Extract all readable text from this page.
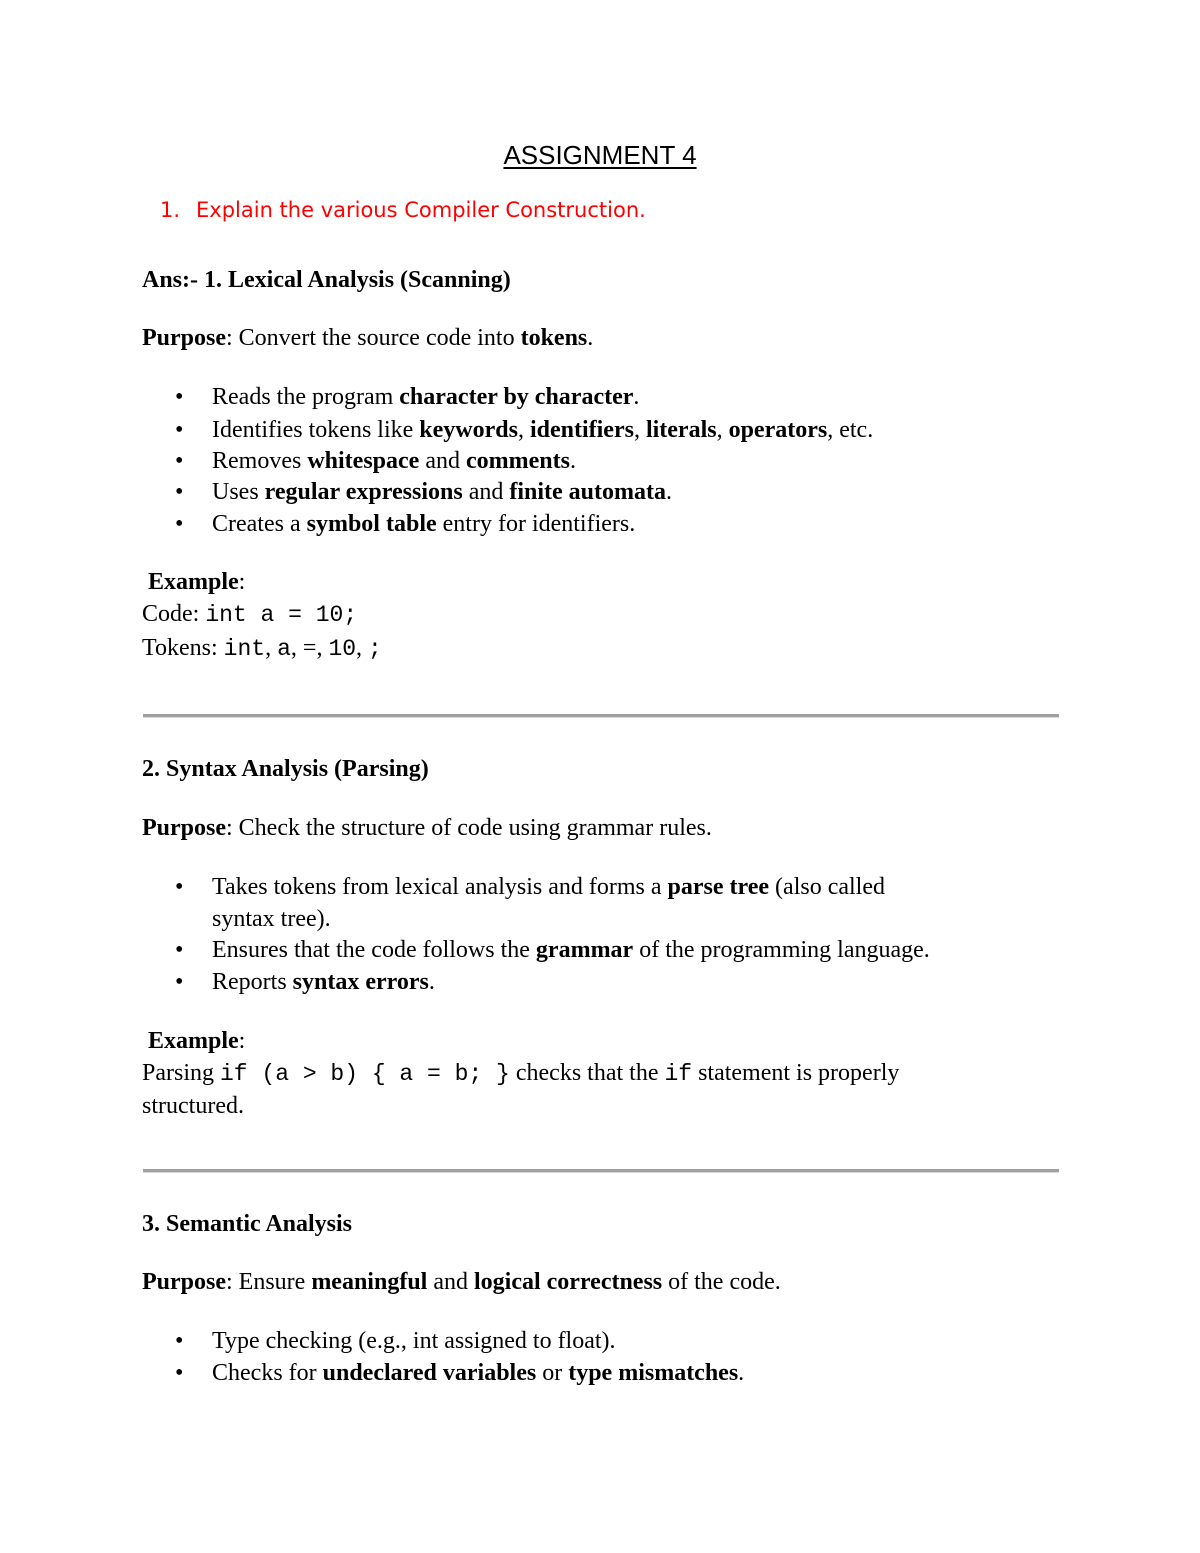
ASSIGNMENT 4
1. Explain the various Compiler Construction.
Ans:- 1. Lexical Analysis (Scanning)
Purpose: Convert the source code into tokens.
• Reads the program character by character.
• Identifies tokens like keywords, identifiers, literals, operators, etc.
• Removes whitespace and comments.
• Uses regular expressions and finite automata.
• Creates a symbol table entry for identifiers.
Example:
Code: int a = 10;
Tokens: int, a, =, 10, ;
2. Syntax Analysis (Parsing)
Purpose: Check the structure of code using grammar rules.
• Takes tokens from lexical analysis and forms a parse tree (also called
syntax tree).
• Ensures that the code follows the grammar of the programming language.
• Reports syntax errors.
Example:
Parsing if (a > b) { a = b; } checks that the if statement is properly
structured.
3. Semantic Analysis
Purpose: Ensure meaningful and logical correctness of the code.
• Type checking (e.g., int assigned to float).
• Checks for undeclared variables or type mismatches.
